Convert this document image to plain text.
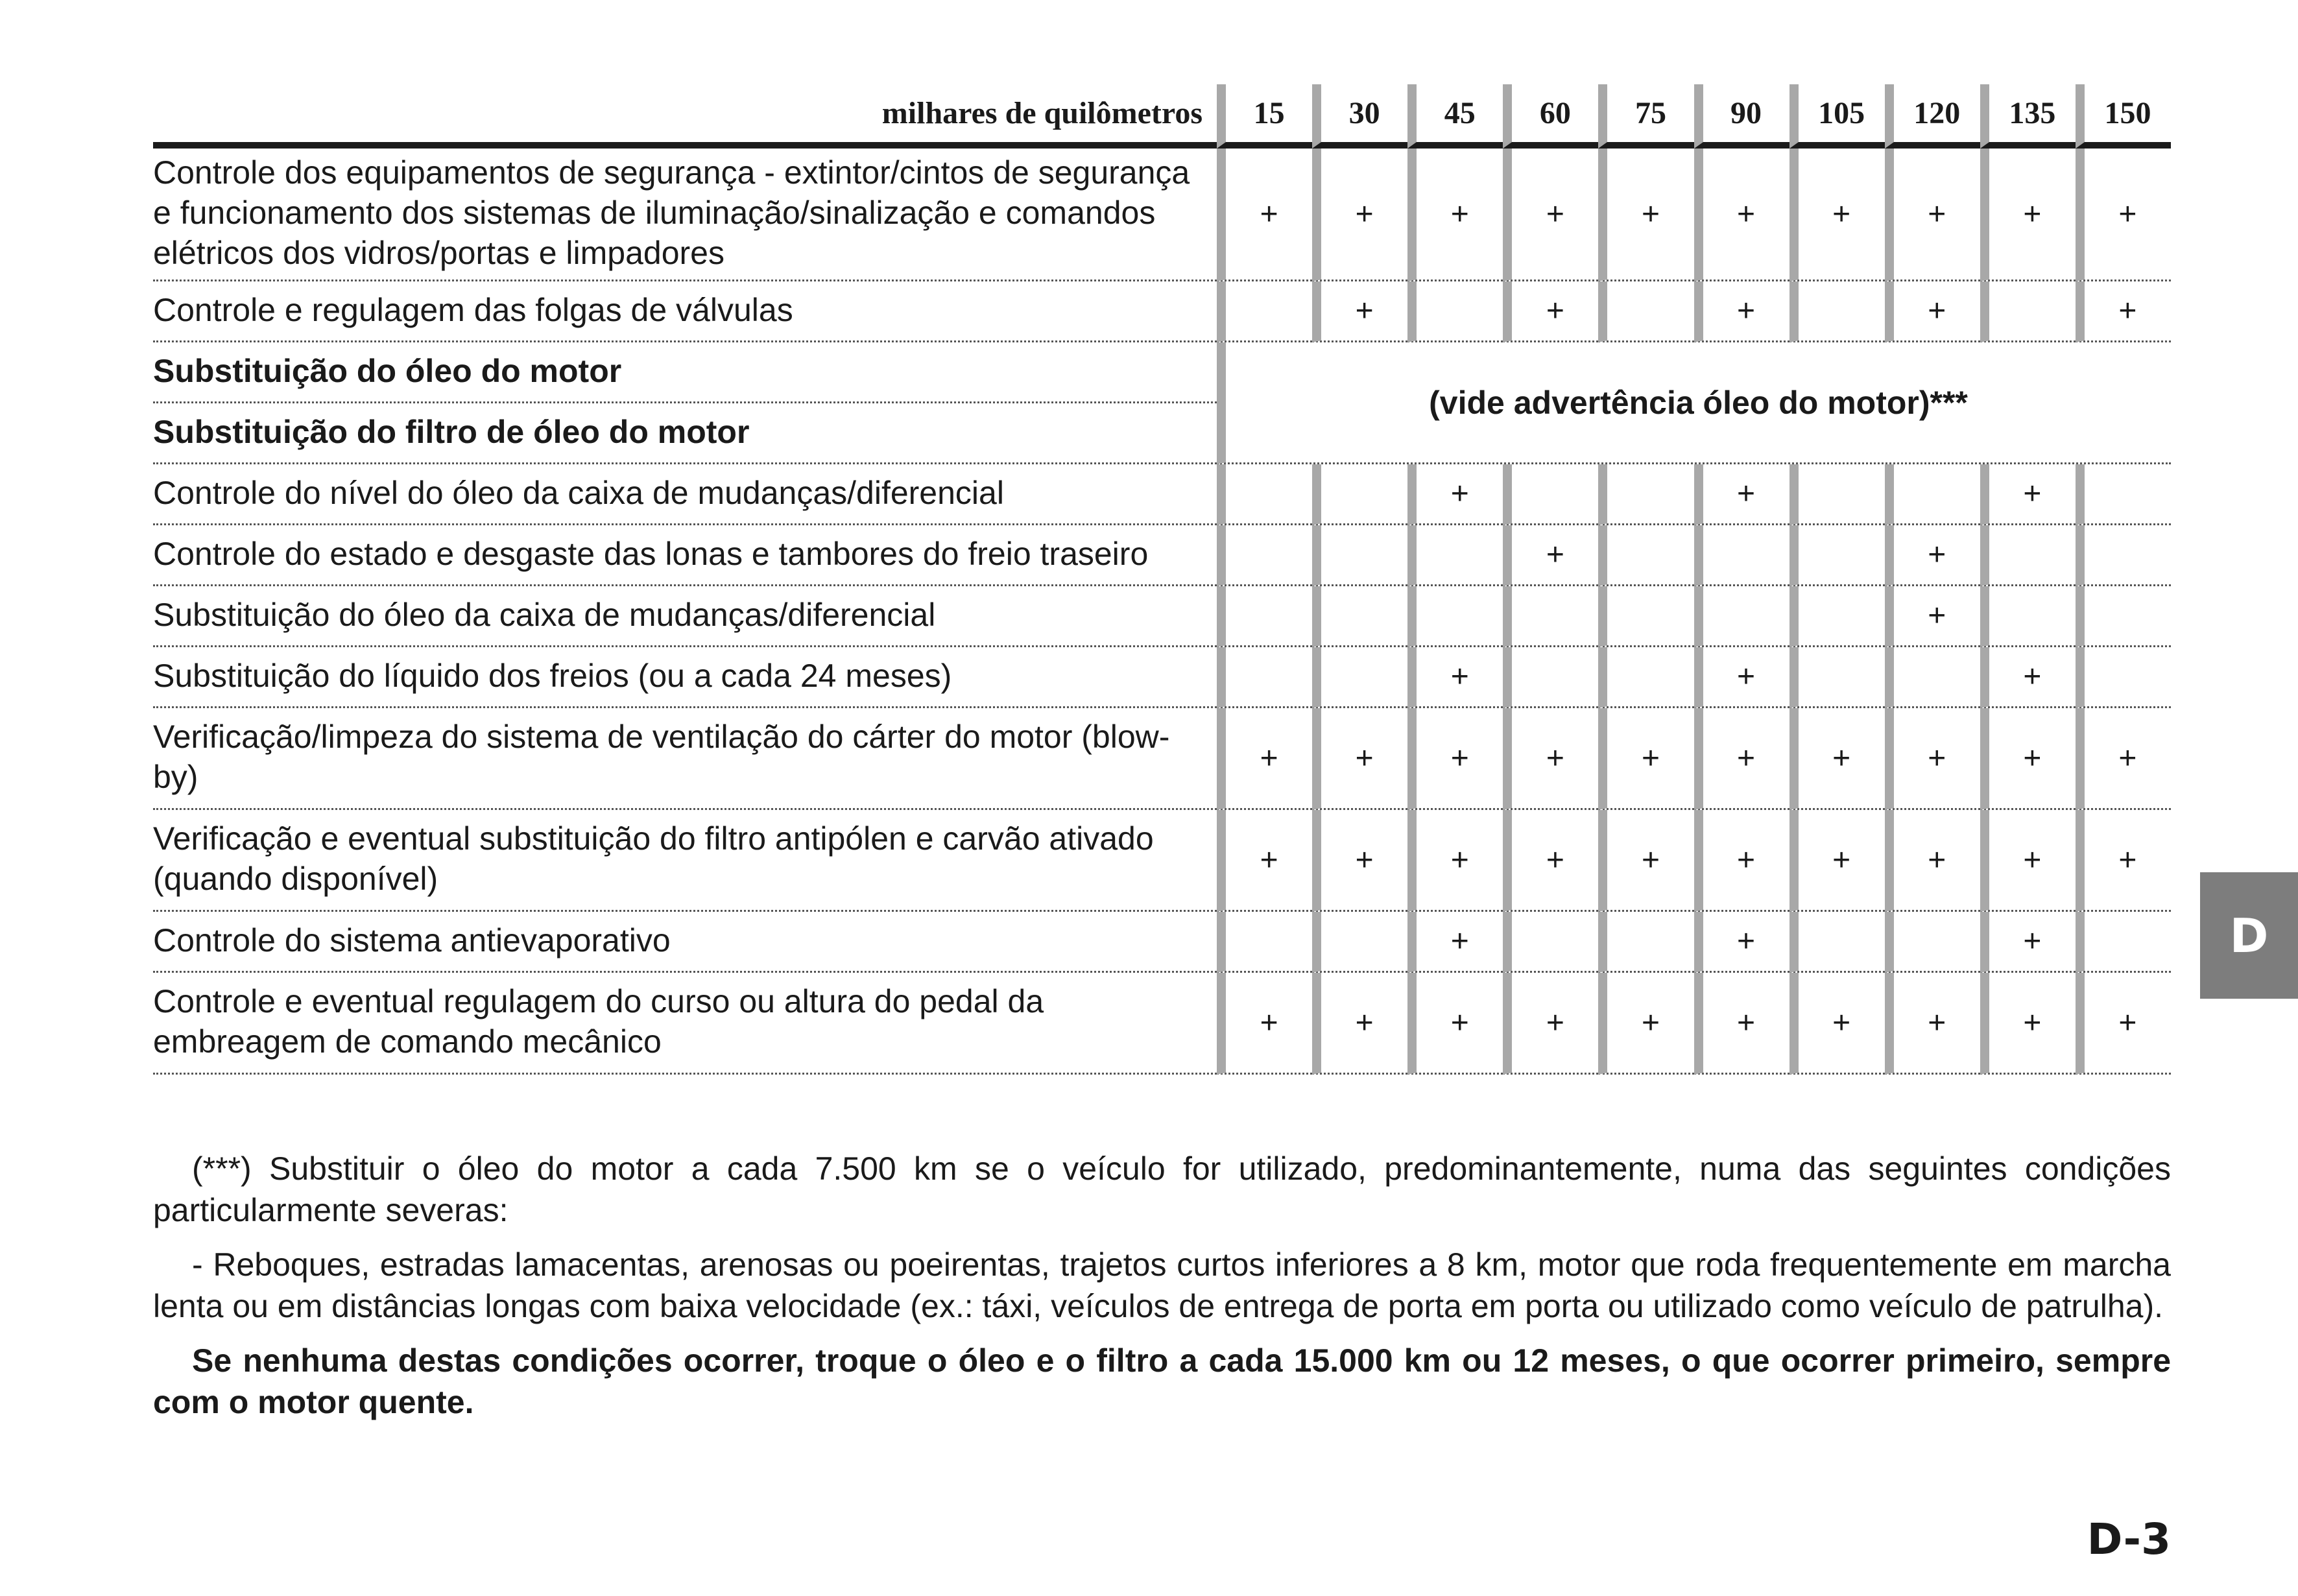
milhares de quilômetros	15	30	45	60	75	90	105	120	135	150
Controle dos equipamentos de segurança - extintor/cintos de segurança e funcionamento dos sistemas de iluminação/sinalização e comandos elétricos dos vidros/portas e limpadores	+	+	+	+	+	+	+	+	+	+
Controle e regulagem das folgas de válvulas		+		+		+		+		+
Substituição do óleo do motor	(vide advertência óleo do motor)***									
Substituição do filtro de óleo do motor										
Controle do nível do óleo da caixa de mudanças/diferencial			+			+			+	
Controle do estado e desgaste das lonas e tambores do freio traseiro				+				+		
Substituição do óleo da caixa de mudanças/diferencial								+		
Substituição do líquido dos freios (ou a cada 24 meses)			+			+			+	
Verificação/limpeza do sistema de ventilação do cárter do motor (blow-by)	+	+	+	+	+	+	+	+	+	+
Verificação e eventual substituição do filtro antipólen e carvão ativado (quando disponível)	+	+	+	+	+	+	+	+	+	+
Controle do sistema antievaporativo			+			+			+	
Controle e eventual regulagem do curso ou altura do pedal da embreagem de comando mecânico	+	+	+	+	+	+	+	+	+	+

(***) Substituir o óleo do motor a cada 7.500 km se o veículo for utilizado, predominantemente, numa das seguintes condições particularmente severas:

- Reboques, estradas lamacentas, arenosas ou poeirentas, trajetos curtos inferiores a 8 km, motor que roda frequentemente em marcha lenta ou em distâncias longas com baixa velocidade (ex.: táxi, veículos de entrega de porta em porta ou utilizado como veículo de patrulha).

Se nenhuma destas condições ocorrer, troque o óleo e o filtro a cada 15.000 km ou 12 meses, o que ocorrer primeiro, sempre com o motor quente.

D
D-3
